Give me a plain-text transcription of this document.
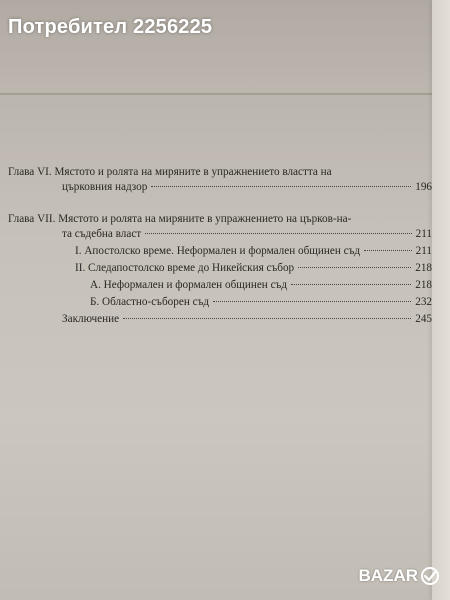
Потребител 2256225
Глава VI. Мястото и ролята на миряните в упражнението властта на
църковния надзор	196
Глава VII. Мястото и ролята на миряните в упражнението на църков-на-
та съдебна власт	211
I. Апостолско време. Неформален и формален общинен съд	211
II. Следапостолско време до Никейския събор	218
А. Неформален и формален общинен съд	218
Б. Областно-съборен съд	232
Заключение	245
BAZAR
